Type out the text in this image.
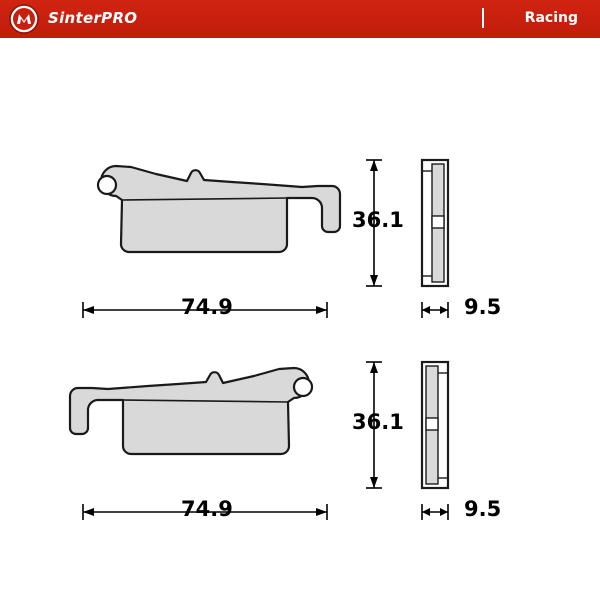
SinterPRO	Racing
36.1
74.9	9.5
36.1
74.9	9.5
